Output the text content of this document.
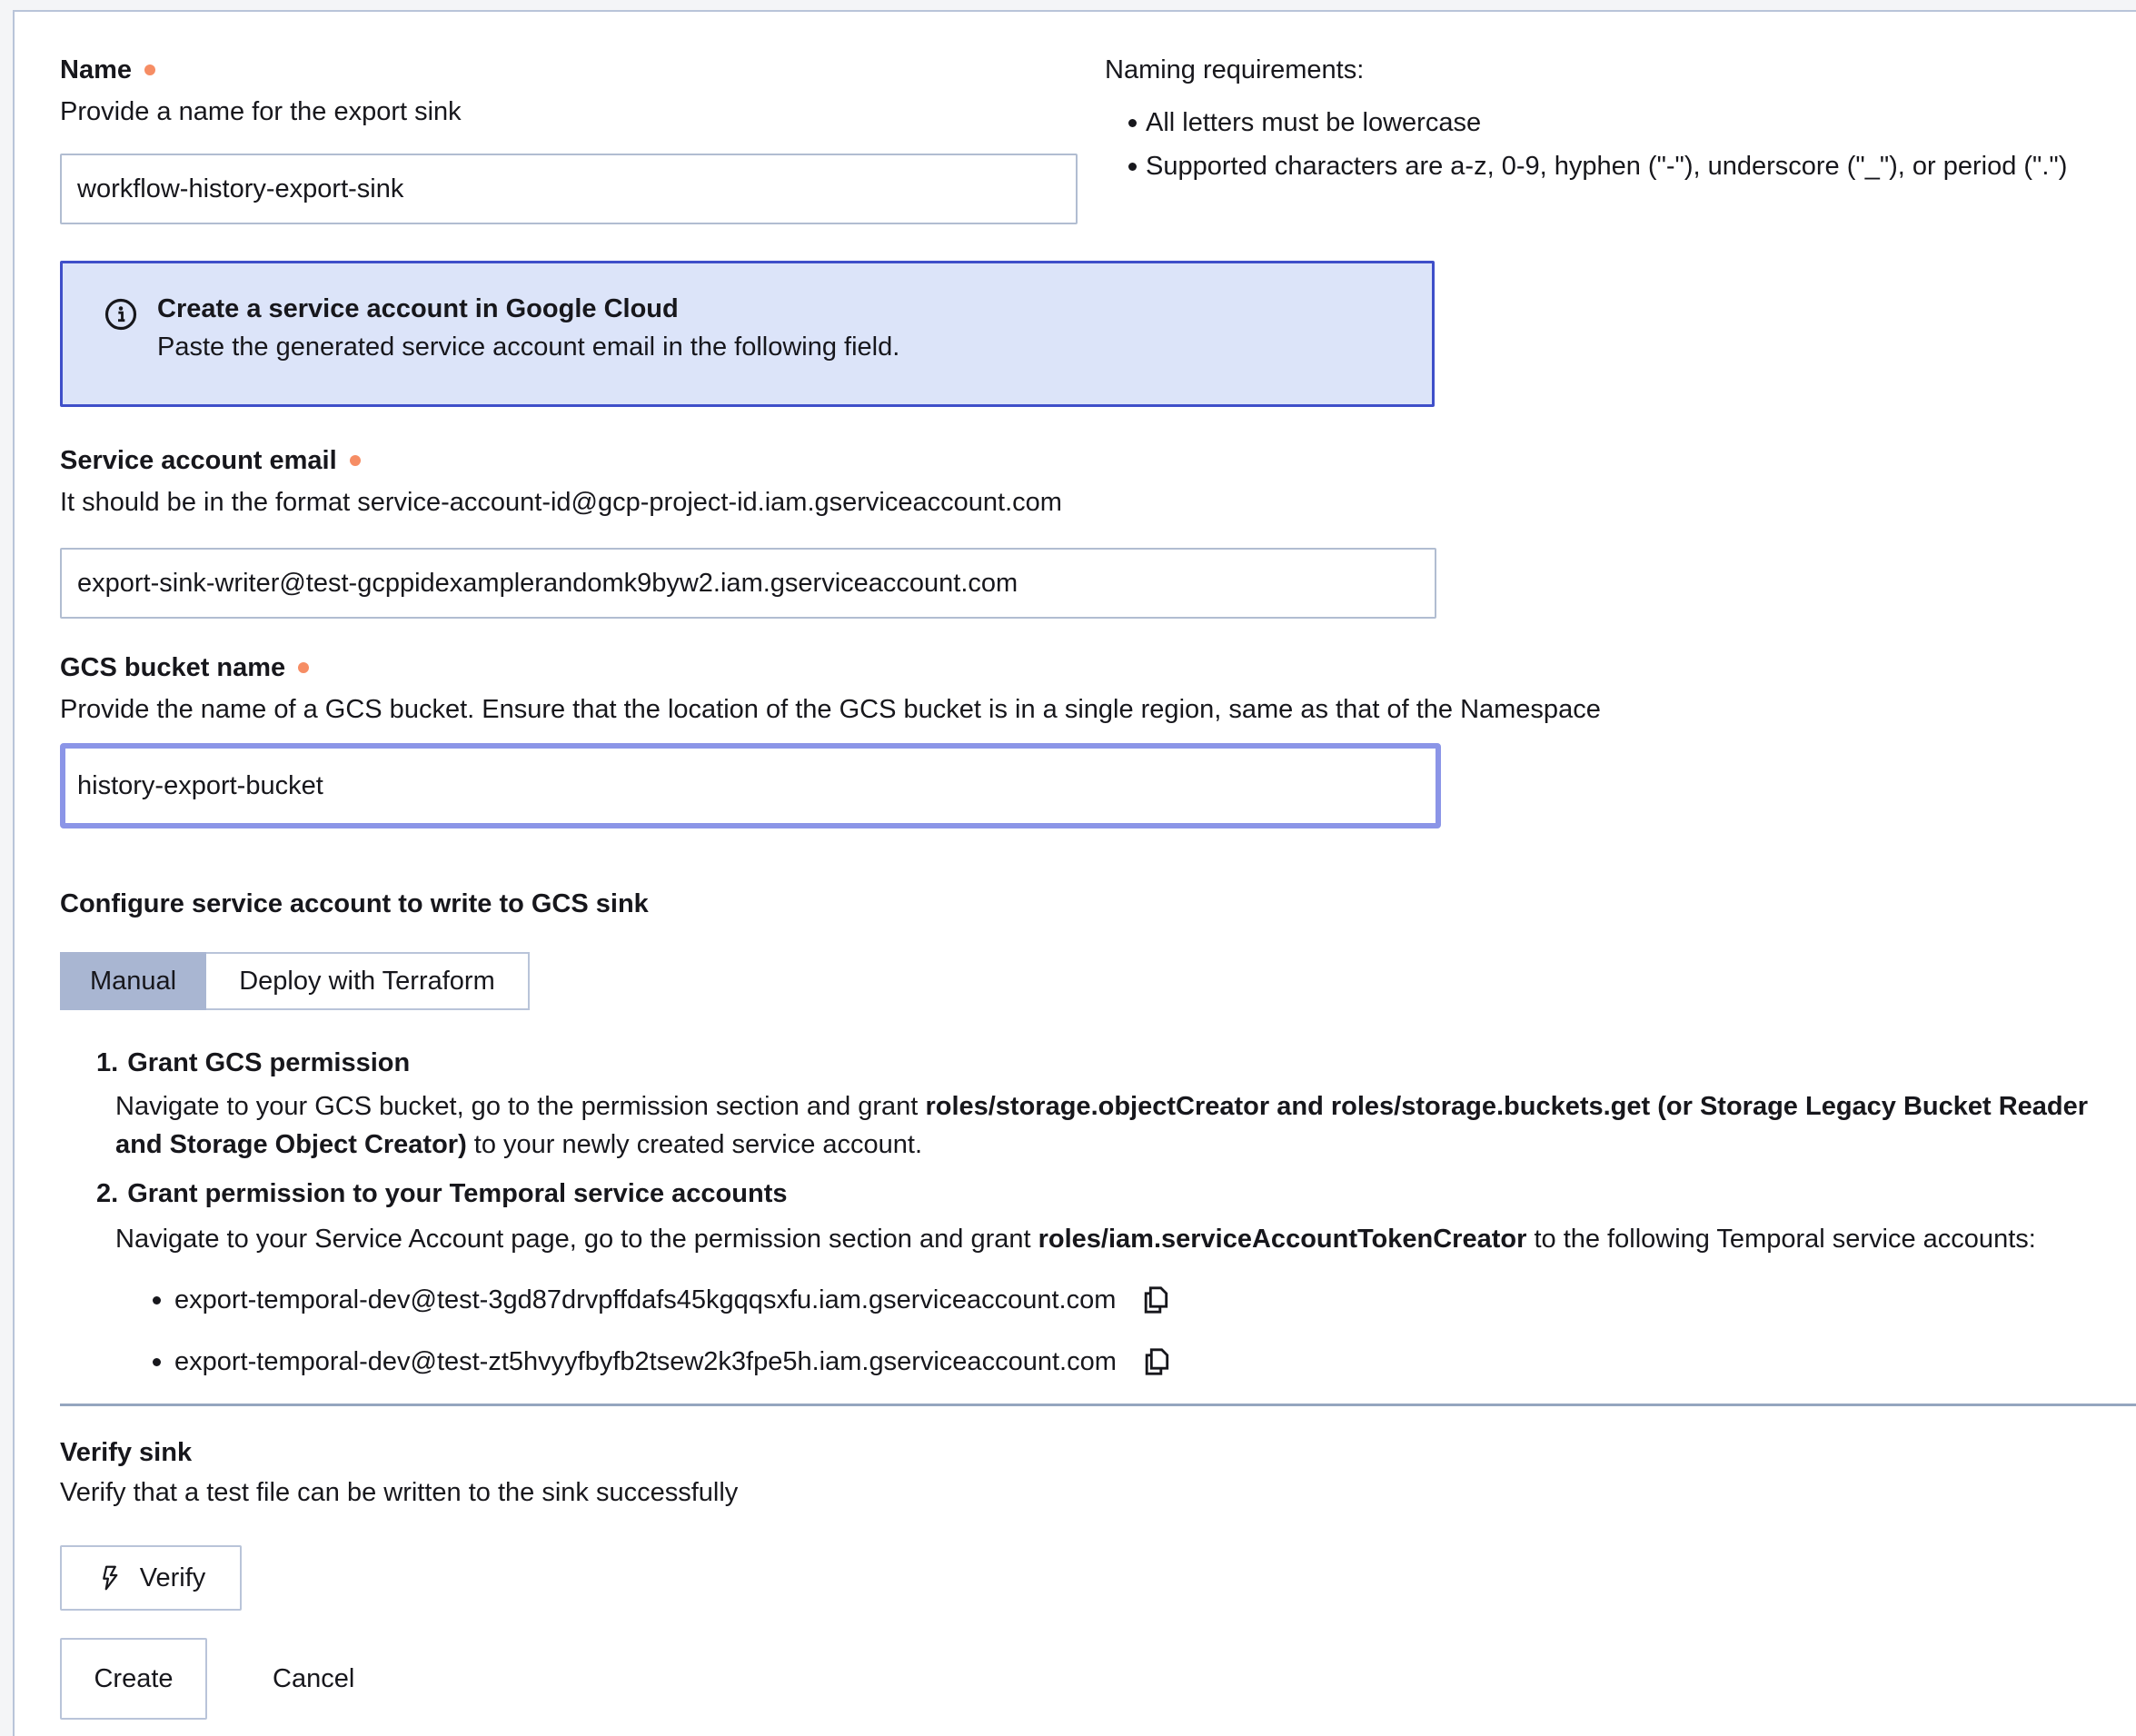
Name
Provide a name for the export sink
workflow-history-export-sink
Naming requirements:
All letters must be lowercase
Supported characters are a-z, 0-9, hyphen ("-"), underscore ("_"), or period (".")
Create a service account in Google Cloud
Paste the generated service account email in the following field.
Service account email
It should be in the format service-account-id@gcp-project-id.iam.gserviceaccount.com
export-sink-writer@test-gcppidexamplerandomk9byw2.iam.gserviceaccount.com
GCS bucket name
Provide the name of a GCS bucket. Ensure that the location of the GCS bucket is in a single region, same as that of the Namespace
history-export-bucket
Configure service account to write to GCS sink
Manual Deploy with Terraform
1. Grant GCS permission
Navigate to your GCS bucket, go to the permission section and grant roles/storage.objectCreator and roles/storage.buckets.get (or Storage Legacy Bucket Reader and Storage Object Creator) to your newly created service account.
2. Grant permission to your Temporal service accounts
Navigate to your Service Account page, go to the permission section and grant roles/iam.serviceAccountTokenCreator to the following Temporal service accounts:
export-temporal-dev@test-3gd87drvpffdafs45kgqqsxfu.iam.gserviceaccount.com
export-temporal-dev@test-zt5hvyyfbyfb2tsew2k3fpe5h.iam.gserviceaccount.com
Verify sink
Verify that a test file can be written to the sink successfully
Verify
Create	Cancel
